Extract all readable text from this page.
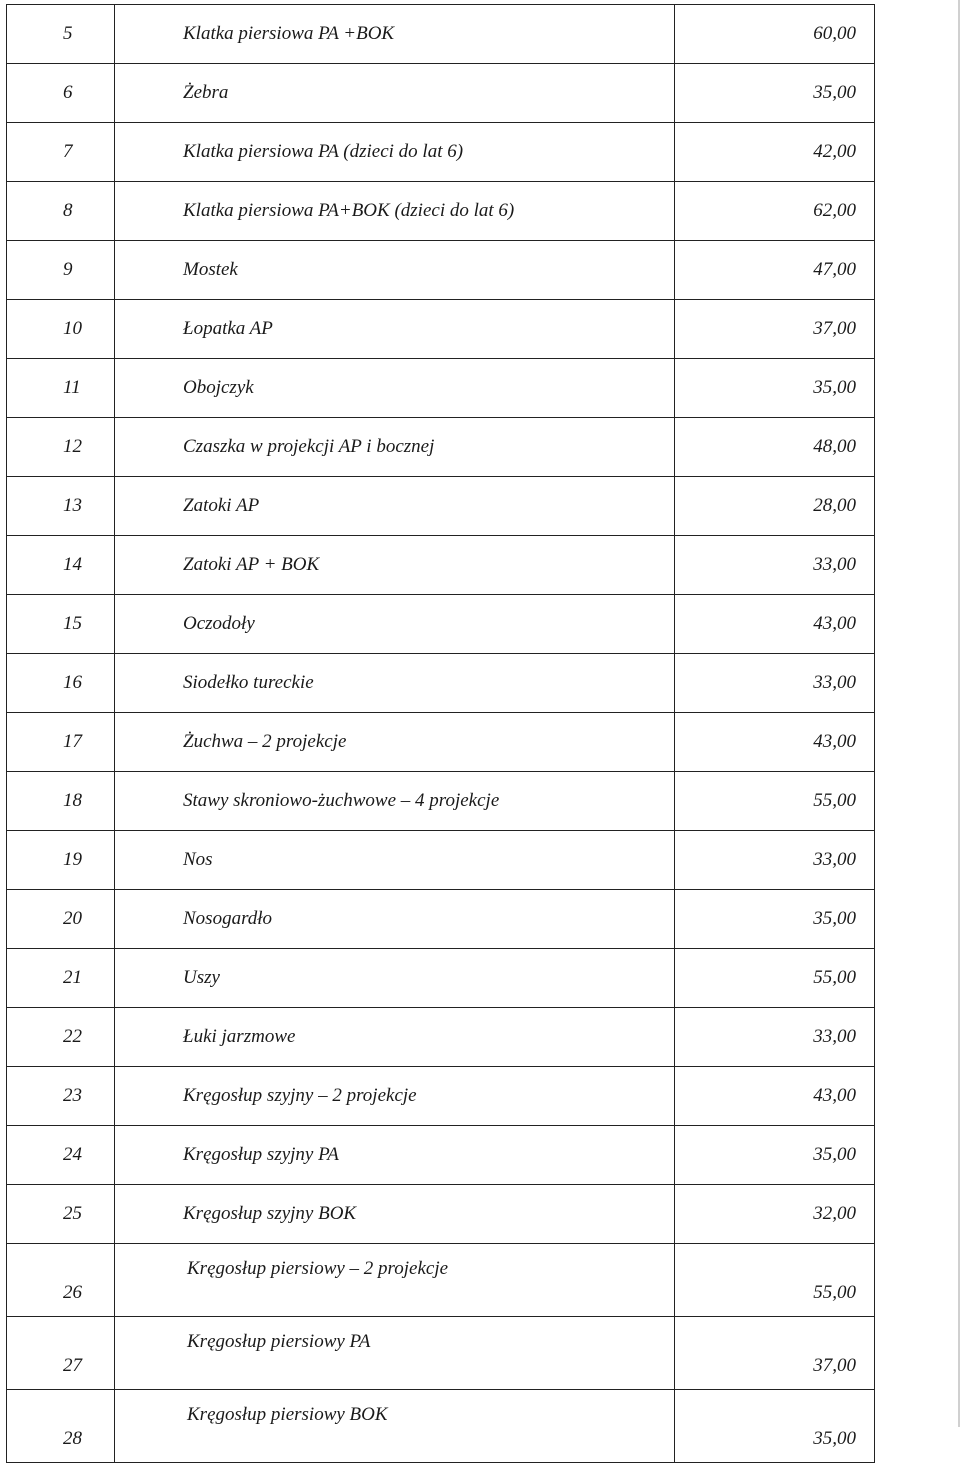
5	Klatka piersiowa PA +BOK	60,00
6	Żebra	35,00
7	Klatka piersiowa PA (dzieci do lat 6)	42,00
8	Klatka piersiowa PA+BOK (dzieci do lat 6)	62,00
9	Mostek	47,00
10	Łopatka AP	37,00
11	Obojczyk	35,00
12	Czaszka w projekcji AP i bocznej	48,00
13	Zatoki AP	28,00
14	Zatoki AP + BOK	33,00
15	Oczodoły	43,00
16	Siodełko tureckie	33,00
17	Żuchwa – 2 projekcje	43,00
18	Stawy skroniowo-żuchwowe – 4 projekcje	55,00
19	Nos	33,00
20	Nosogardło	35,00
21	Uszy	55,00
22	Łuki jarzmowe	33,00
23	Kręgosłup szyjny – 2 projekcje	43,00
24	Kręgosłup szyjny PA	35,00
25	Kręgosłup szyjny BOK	32,00
26	Kręgosłup piersiowy – 2 projekcje	55,00
27	Kręgosłup piersiowy PA	37,00
28	Kręgosłup piersiowy BOK	35,00
